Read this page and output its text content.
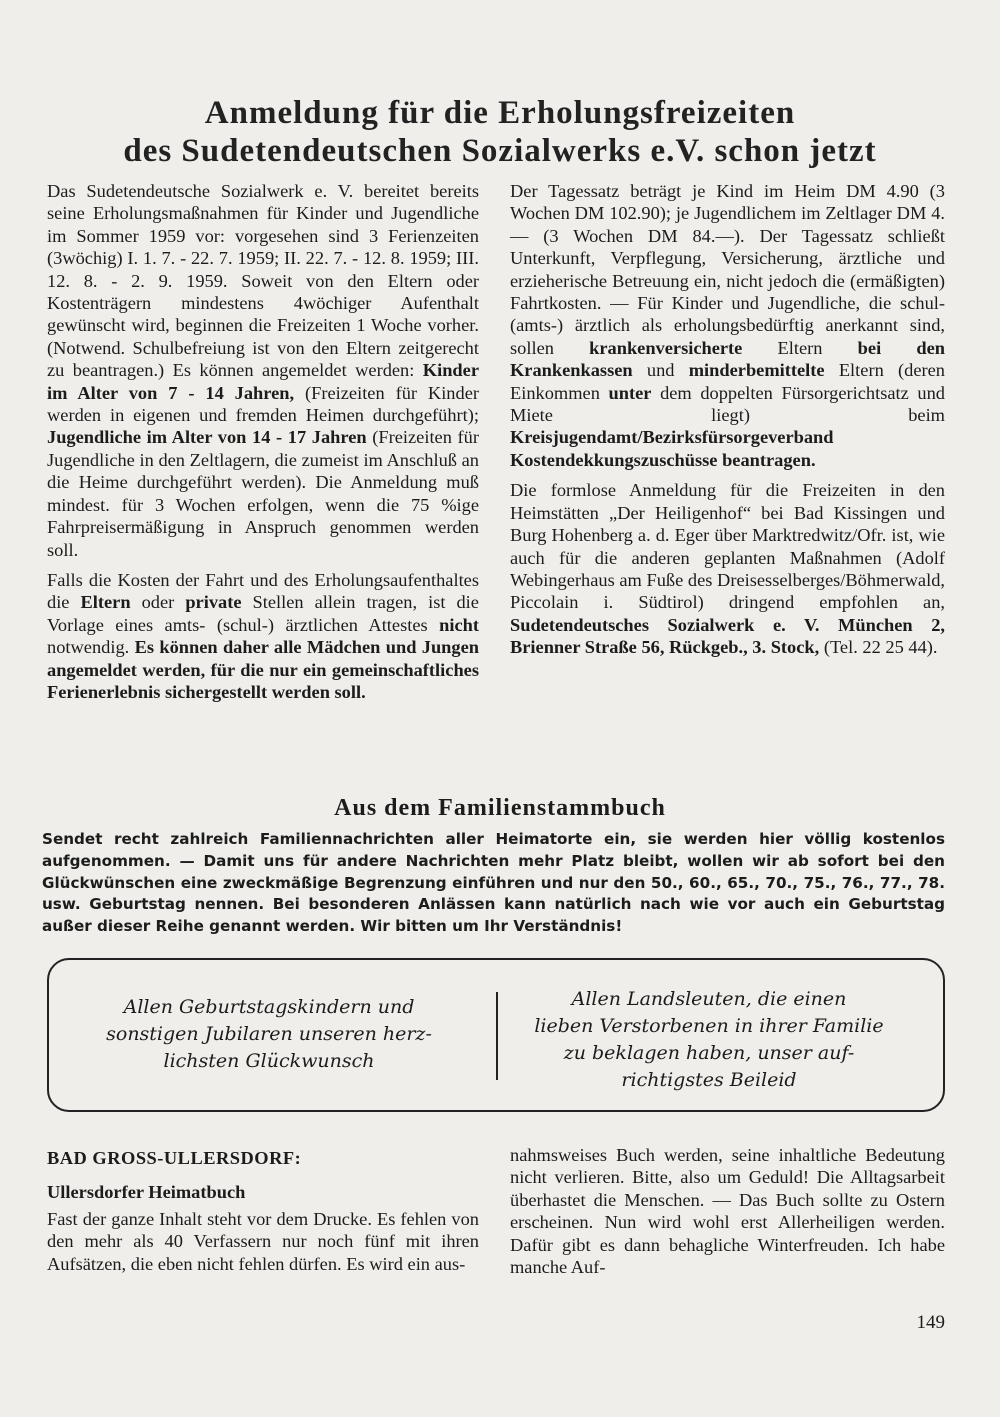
Anmeldung für die Erholungsfreizeiten
des Sudetendeutschen Sozialwerks e.V. schon jetzt

Das Sudetendeutsche Sozialwerk e. V. bereitet bereits seine Erholungsmaßnahmen für Kinder und Jugendliche im Sommer 1959 vor: vorgesehen sind 3 Ferienzeiten (3wöchig) I. 1. 7. - 22. 7. 1959; II. 22. 7. - 12. 8. 1959; III. 12. 8. - 2. 9. 1959. Soweit von den Eltern oder Kostenträgern mindestens 4wöchiger Aufenthalt gewünscht wird, beginnen die Freizeiten 1 Woche vorher. (Notwend. Schulbefreiung ist von den Eltern zeitgerecht zu beantragen.) Es können angemeldet werden: Kinder im Alter von 7 - 14 Jahren, (Freizeiten für Kinder werden in eigenen und fremden Heimen durchgeführt); Jugendliche im Alter von 14 - 17 Jahren (Freizeiten für Jugendliche in den Zeltlagern, die zumeist im Anschluß an die Heime durchgeführt werden). Die Anmeldung muß mindest. für 3 Wochen erfolgen, wenn die 75 %ige Fahrpreisermäßigung in Anspruch genommen werden soll.

Falls die Kosten der Fahrt und des Erholungsaufenthaltes die Eltern oder private Stellen allein tragen, ist die Vorlage eines amts- (schul-) ärztlichen Attestes nicht notwendig. Es können daher alle Mädchen und Jungen angemeldet werden, für die nur ein gemeinschaftliches Ferienerlebnis sichergestellt werden soll.

Der Tagessatz beträgt je Kind im Heim DM 4.90 (3 Wochen DM 102.90); je Jugendlichem im Zeltlager DM 4.— (3 Wochen DM 84.—). Der Tagessatz schließt Unterkunft, Verpflegung, Versicherung, ärztliche und erzieherische Betreuung ein, nicht jedoch die (ermäßigten) Fahrtkosten. — Für Kinder und Jugendliche, die schul- (amts-) ärztlich als erholungsbedürftig anerkannt sind, sollen krankenversicherte Eltern bei den Krankenkassen und minderbemittelte Eltern (deren Einkommen unter dem doppelten Fürsorgerichtsatz und Miete liegt) beim Kreisjugendamt/Bezirksfürsorgeverband Kostendekkungszuschüsse beantragen.

Die formlose Anmeldung für die Freizeiten in den Heimstätten „Der Heiligenhof“ bei Bad Kissingen und Burg Hohenberg a. d. Eger über Marktredwitz/Ofr. ist, wie auch für die anderen geplanten Maßnahmen (Adolf Webingerhaus am Fuße des Dreisesselberges/Böhmerwald, Piccolain i. Südtirol) dringend empfohlen an, Sudetendeutsches Sozialwerk e. V. München 2, Brienner Straße 56, Rückgeb., 3. Stock, (Tel. 22 25 44).

Aus dem Familienstammbuch
Sendet recht zahlreich Familiennachrichten aller Heimatorte ein, sie werden hier völlig kostenlos aufgenommen. — Damit uns für andere Nachrichten mehr Platz bleibt, wollen wir ab sofort bei den Glückwünschen eine zweckmäßige Begrenzung einführen und nur den 50., 60., 65., 70., 75., 76., 77., 78. usw. Geburtstag nennen. Bei besonderen Anlässen kann natürlich nach wie vor auch ein Geburtstag außer dieser Reihe genannt werden. Wir bitten um Ihr Verständnis!
Allen Geburtstagskindern und
sonstigen Jubilaren unseren herz-
lichsten Glückwunsch
Allen Landsleuten, die einen
lieben Verstorbenen in ihrer Familie
zu beklagen haben, unser auf-
richtigstes Beileid
BAD GROSS-ULLERSDORF:
Ullersdorfer Heimatbuch

Fast der ganze Inhalt steht vor dem Drucke. Es fehlen von den mehr als 40 Verfassern nur noch fünf mit ihren Aufsätzen, die eben nicht fehlen dürfen. Es wird ein aus-

nahmsweises Buch werden, seine inhaltliche Bedeutung nicht verlieren. Bitte, also um Geduld! Die Alltagsarbeit überhastet die Menschen. — Das Buch sollte zu Ostern erscheinen. Nun wird wohl erst Allerheiligen werden. Dafür gibt es dann behagliche Winterfreuden. Ich habe manche Auf-

149
